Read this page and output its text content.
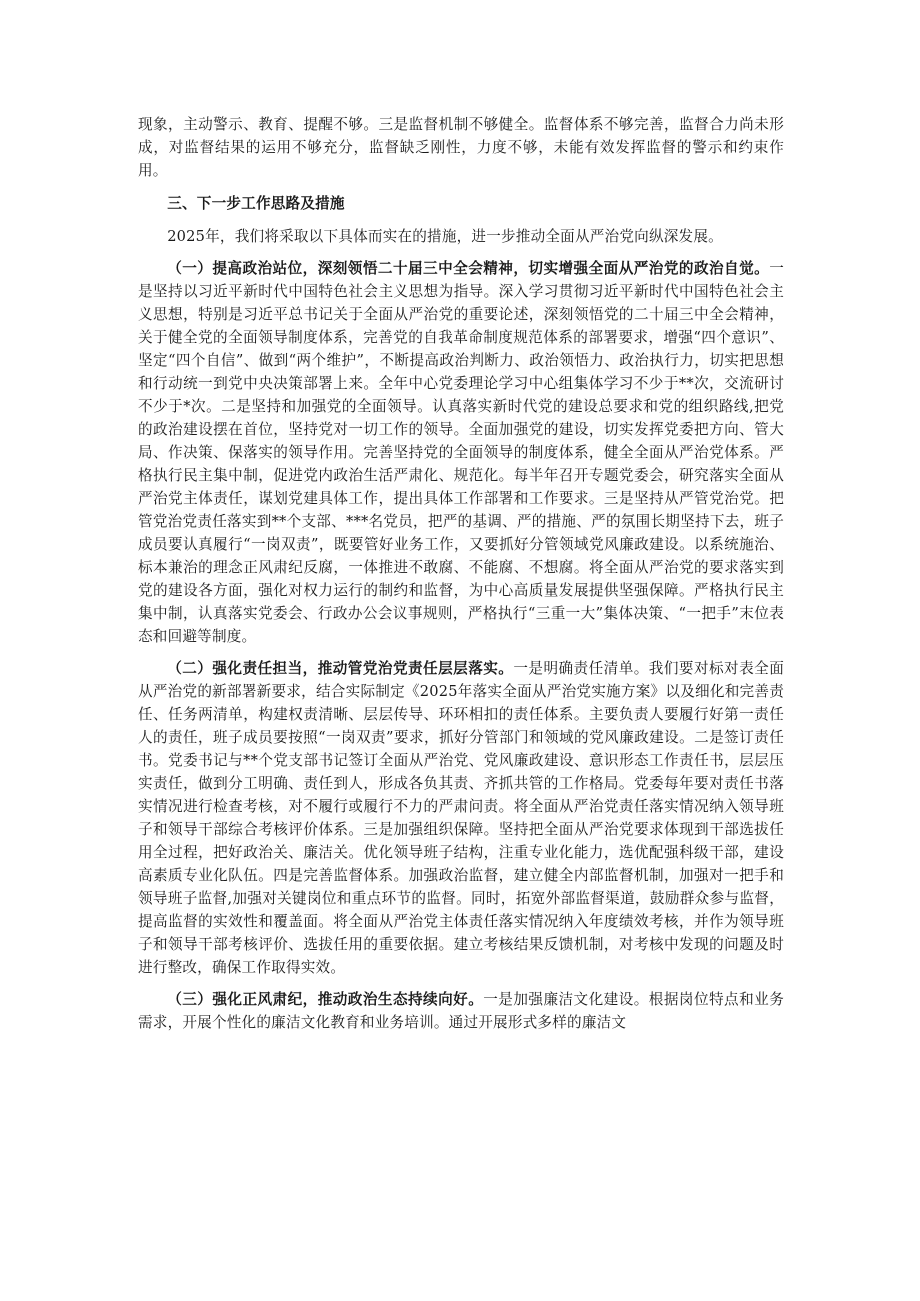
现象，主动警示、教育、提醒不够。三是监督机制不够健全。监督体系不够完善，监督合力尚未形成，对监督结果的运用不够充分，监督缺乏刚性，力度不够，未能有效发挥监督的警示和约束作用。

三、下一步工作思路及措施

2025年，我们将采取以下具体而实在的措施，进一步推动全面从严治党向纵深发展。

（一）提高政治站位，深刻领悟二十届三中全会精神，切实增强全面从严治党的政治自觉。一是坚持以习近平新时代中国特色社会主义思想为指导。深入学习贯彻习近平新时代中国特色社会主义思想，特别是习近平总书记关于全面从严治党的重要论述，深刻领悟党的二十届三中全会精神，关于健全党的全面领导制度体系，完善党的自我革命制度规范体系的部署要求，增强“四个意识”、坚定“四个自信”、做到“两个维护”，不断提高政治判断力、政治领悟力、政治执行力，切实把思想和行动统一到党中央决策部署上来。全年中心党委理论学习中心组集体学习不少于**次，交流研讨不少于*次。二是坚持和加强党的全面领导。认真落实新时代党的建设总要求和党的组织路线,把党的政治建设摆在首位，坚持党对一切工作的领导。全面加强党的建设，切实发挥党委把方向、管大局、作决策、保落实的领导作用。完善坚持党的全面领导的制度体系，健全全面从严治党体系。严格执行民主集中制，促进党内政治生活严肃化、规范化。每半年召开专题党委会，研究落实全面从严治党主体责任，谋划党建具体工作，提出具体工作部署和工作要求。三是坚持从严管党治党。把管党治党责任落实到**个支部、***名党员，把严的基调、严的措施、严的氛围长期坚持下去，班子成员要认真履行“一岗双责”，既要管好业务工作，又要抓好分管领域党风廉政建设。以系统施治、标本兼治的理念正风肃纪反腐，一体推进不敢腐、不能腐、不想腐。将全面从严治党的要求落实到党的建设各方面，强化对权力运行的制约和监督，为中心高质量发展提供坚强保障。严格执行民主集中制，认真落实党委会、行政办公会议事规则，严格执行“三重一大”集体决策、“一把手”末位表态和回避等制度。

（二）强化责任担当，推动管党治党责任层层落实。一是明确责任清单。我们要对标对表全面从严治党的新部署新要求，结合实际制定《2025年落实全面从严治党实施方案》以及细化和完善责任、任务两清单，构建权责清晰、层层传导、环环相扣的责任体系。主要负责人要履行好第一责任人的责任，班子成员要按照“一岗双责”要求，抓好分管部门和领域的党风廉政建设。二是签订责任书。党委书记与**个党支部书记签订全面从严治党、党风廉政建设、意识形态工作责任书，层层压实责任，做到分工明确、责任到人，形成各负其责、齐抓共管的工作格局。党委每年要对责任书落实情况进行检查考核，对不履行或履行不力的严肃问责。将全面从严治党责任落实情况纳入领导班子和领导干部综合考核评价体系。三是加强组织保障。坚持把全面从严治党要求体现到干部选拔任用全过程，把好政治关、廉洁关。优化领导班子结构，注重专业化能力，选优配强科级干部，建设高素质专业化队伍。四是完善监督体系。加强政治监督，建立健全内部监督机制，加强对一把手和领导班子监督,加强对关键岗位和重点环节的监督。同时，拓宽外部监督渠道，鼓励群众参与监督，提高监督的实效性和覆盖面。将全面从严治党主体责任落实情况纳入年度绩效考核，并作为领导班子和领导干部考核评价、选拔任用的重要依据。建立考核结果反馈机制，对考核中发现的问题及时进行整改，确保工作取得实效。

（三）强化正风肃纪，推动政治生态持续向好。一是加强廉洁文化建设。根据岗位特点和业务需求，开展个性化的廉洁文化教育和业务培训。通过开展形式多样的廉洁文
